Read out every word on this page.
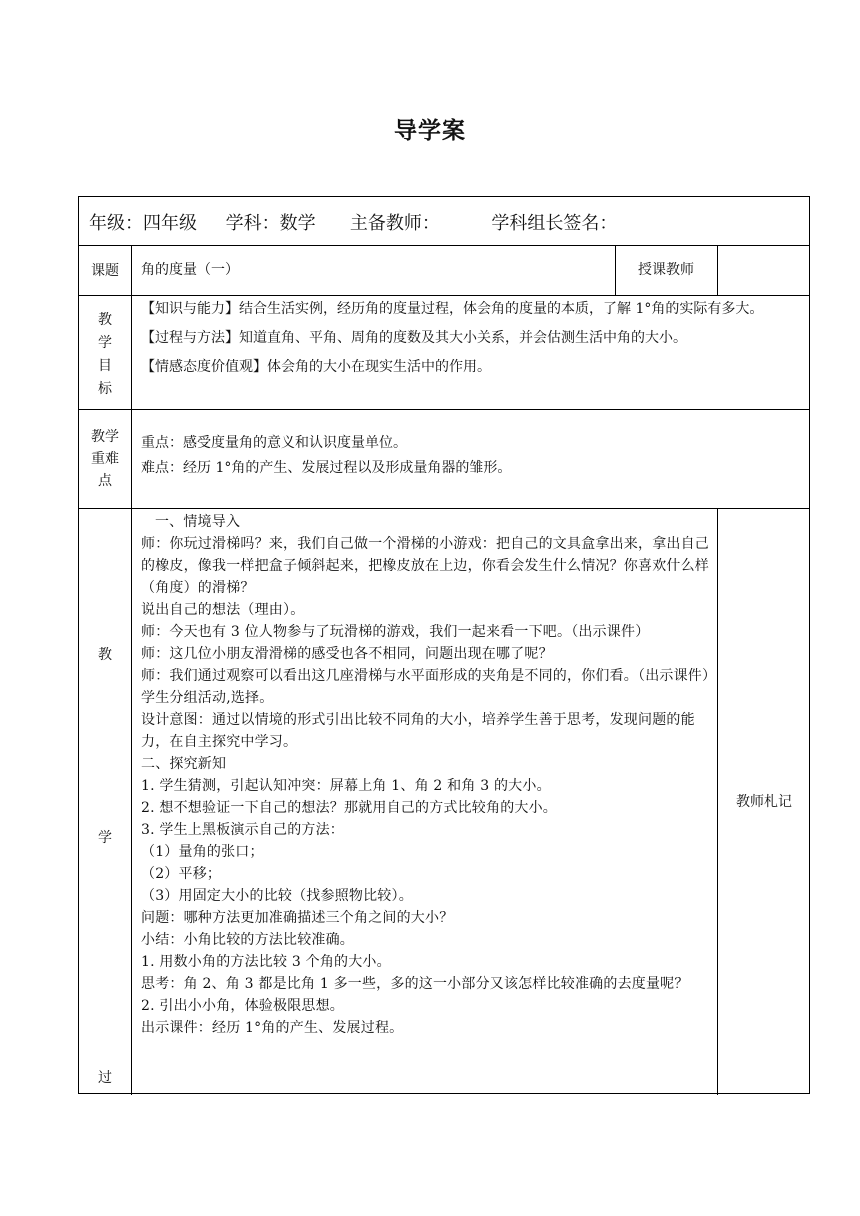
导学案
年级：四年级     学科：数学      主备教师：         学科组长签名：
课题	角的度量（一）	授课教师
教
学
目
标

【知识与能力】结合生活实例，经历角的度量过程，体会角的度量的本质，了解 1°角的实际有多大。

【过程与方法】知道直角、平角、周角的度数及其大小关系，并会估测生活中角的大小。

【情感态度价值观】体会角的大小在现实生活中的作用。

教学
重难
点

重点：感受度量角的意义和认识度量单位。

难点：经历 1°角的产生、发展过程以及形成量角器的雏形。

教
学
过

一、情境导入

师：你玩过滑梯吗？来，我们自己做一个滑梯的小游戏：把自己的文具盒拿出来，拿出自己的橡皮，像我一样把盒子倾斜起来，把橡皮放在上边，你看会发生什么情况？你喜欢什么样（角度）的滑梯？

说出自己的想法（理由）。

师：今天也有 3 位人物参与了玩滑梯的游戏，我们一起来看一下吧。（出示课件）

师：这几位小朋友滑滑梯的感受也各不相同，问题出现在哪了呢？

师：我们通过观察可以看出这几座滑梯与水平面形成的夹角是不同的，你们看。（出示课件）

学生分组活动,选择。

设计意图：通过以情境的形式引出比较不同角的大小，培养学生善于思考，发现问题的能力，在自主探究中学习。

二、探究新知

1. 学生猜测，引起认知冲突：屏幕上角 1、角 2 和角 3 的大小。

2. 想不想验证一下自己的想法？那就用自己的方式比较角的大小。

3. 学生上黑板演示自己的方法：

（1）量角的张口；

（2）平移；

（3）用固定大小的比较（找参照物比较）。

问题：哪种方法更加准确描述三个角之间的大小？

小结：小角比较的方法比较准确。

1. 用数小角的方法比较 3 个角的大小。

思考：角 2、角 3 都是比角 1 多一些，多的这一小部分又该怎样比较准确的去度量呢？

2. 引出小小角，体验极限思想。

出示课件：经历 1°角的产生、发展过程。

教师札记
